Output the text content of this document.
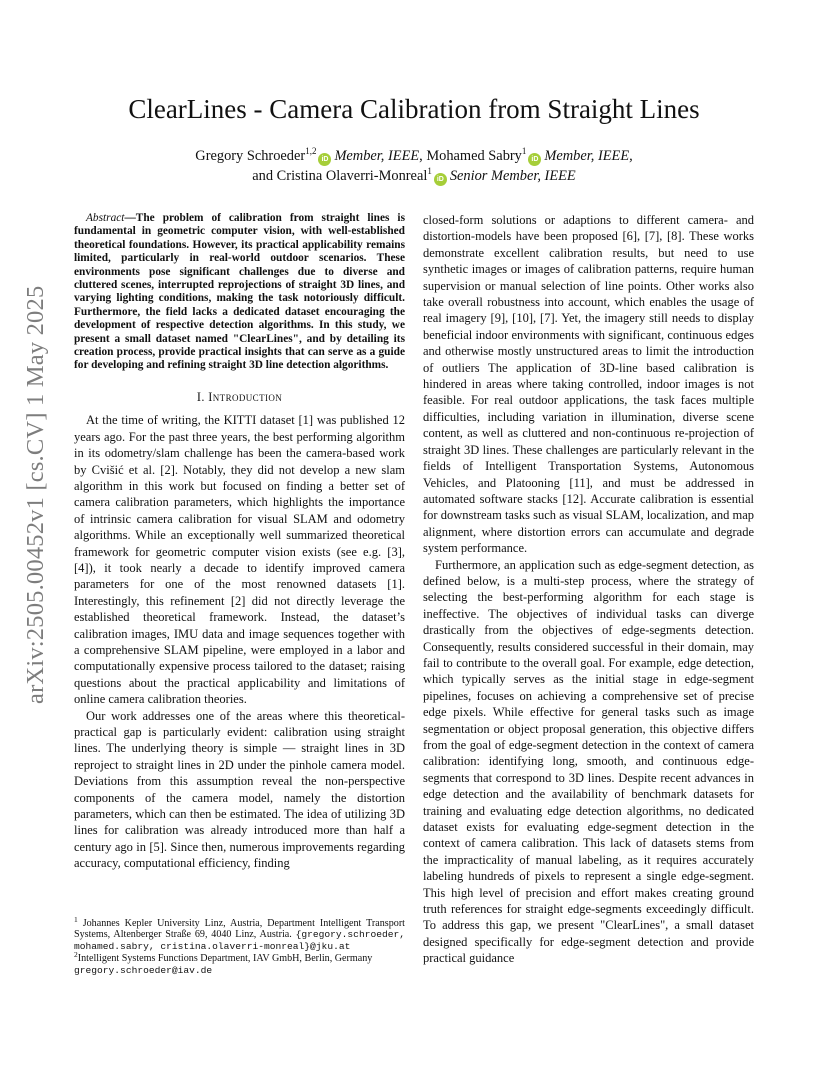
arXiv:2505.00452v1 [cs.CV] 1 May 2025
ClearLines - Camera Calibration from Straight Lines
Gregory Schroeder$^{1,2}$iD Member, IEEE, Mohamed Sabry$^1$iD Member, IEEE,
and Cristina Olaverri-Monreal$^1$iD Senior Member, IEEE

Abstract—The problem of calibration from straight lines is fundamental in geometric computer vision, with well-established theoretical foundations. However, its practical applicability remains limited, particularly in real-world outdoor scenarios. These environments pose significant challenges due to diverse and cluttered scenes, interrupted reprojections of straight 3D lines, and varying lighting conditions, making the task notoriously difficult. Furthermore, the field lacks a dedicated dataset encouraging the development of respective detection algorithms. In this study, we present a small dataset named "ClearLines", and by detailing its creation process, provide practical insights that can serve as a guide for developing and refining straight 3D line detection algorithms.

I. Introduction

At the time of writing, the KITTI dataset [1] was published 12 years ago. For the past three years, the best performing algorithm in its odometry/slam challenge has been the camera-based work by Cvišić et al. [2]. Notably, they did not develop a new slam algorithm in this work but focused on finding a better set of camera calibration parameters, which highlights the importance of intrinsic camera calibration for visual SLAM and odometry algorithms. While an exceptionally well summarized theoretical framework for geometric computer vision exists (see e.g. [3], [4]), it took nearly a decade to identify improved camera parameters for one of the most renowned datasets [1]. Interestingly, this refinement [2] did not directly leverage the established theoretical framework. Instead, the dataset’s calibration images, IMU data and image sequences together with a comprehensive SLAM pipeline, were employed in a labor and computationally expensive process tailored to the dataset; raising questions about the practical applicability and limitations of online camera calibration theories.

Our work addresses one of the areas where this theoretical-practical gap is particularly evident: calibration using straight lines. The underlying theory is simple — straight lines in 3D reproject to straight lines in 2D under the pinhole camera model. Deviations from this assumption reveal the non-perspective components of the camera model, namely the distortion parameters, which can then be estimated. The idea of utilizing 3D lines for calibration was already introduced more than half a century ago in [5]. Since then, numerous improvements regarding accuracy, computational efficiency, finding

closed-form solutions or adaptions to different camera- and distortion-models have been proposed [6], [7], [8]. These works demonstrate excellent calibration results, but need to use synthetic images or images of calibration patterns, require human supervision or manual selection of line points. Other works also take overall robustness into account, which enables the usage of real imagery [9], [10], [7]. Yet, the imagery still needs to display beneficial indoor environments with significant, continuous edges and otherwise mostly unstructured areas to limit the introduction of outliers The application of 3D-line based calibration is hindered in areas where taking controlled, indoor images is not feasible. For real outdoor applications, the task faces multiple difficulties, including variation in illumination, diverse scene content, as well as cluttered and non-continuous re-projection of straight 3D lines. These challenges are particularly relevant in the fields of Intelligent Transportation Systems, Autonomous Vehicles, and Platooning [11], and must be addressed in automated software stacks [12]. Accurate calibration is essential for downstream tasks such as visual SLAM, localization, and map alignment, where distortion errors can accumulate and degrade system performance.

Furthermore, an application such as edge-segment detection, as defined below, is a multi-step process, where the strategy of selecting the best-performing algorithm for each stage is ineffective. The objectives of individual tasks can diverge drastically from the objectives of edge-segments detection. Consequently, results considered successful in their domain, may fail to contribute to the overall goal. For example, edge detection, which typically serves as the initial stage in edge-segment pipelines, focuses on achieving a comprehensive set of precise edge pixels. While effective for general tasks such as image segmentation or object proposal generation, this objective differs from the goal of edge-segment detection in the context of camera calibration: identifying long, smooth, and continuous edge-segments that correspond to 3D lines. Despite recent advances in edge detection and the availability of benchmark datasets for training and evaluating edge detection algorithms, no dedicated dataset exists for evaluating edge-segment detection in the context of camera calibration. This lack of datasets stems from the impracticality of manual labeling, as it requires accurately labeling hundreds of pixels to represent a single edge-segment. This high level of precision and effort makes creating ground truth references for straight edge-segments exceedingly difficult. To address this gap, we present "ClearLines", a small dataset designed specifically for edge-segment detection and provide practical guidance

$^1$ Johannes Kepler University Linz, Austria, Department Intelligent Transport Systems, Altenberger Straße 69, 4040 Linz, Austria. {gregory.schroeder, mohamed.sabry, cristina.olaverri-monreal}@jku.at

$^2$Intelligent Systems Functions Department, IAV GmbH, Berlin, Germany
gregory.schroeder@iav.de
